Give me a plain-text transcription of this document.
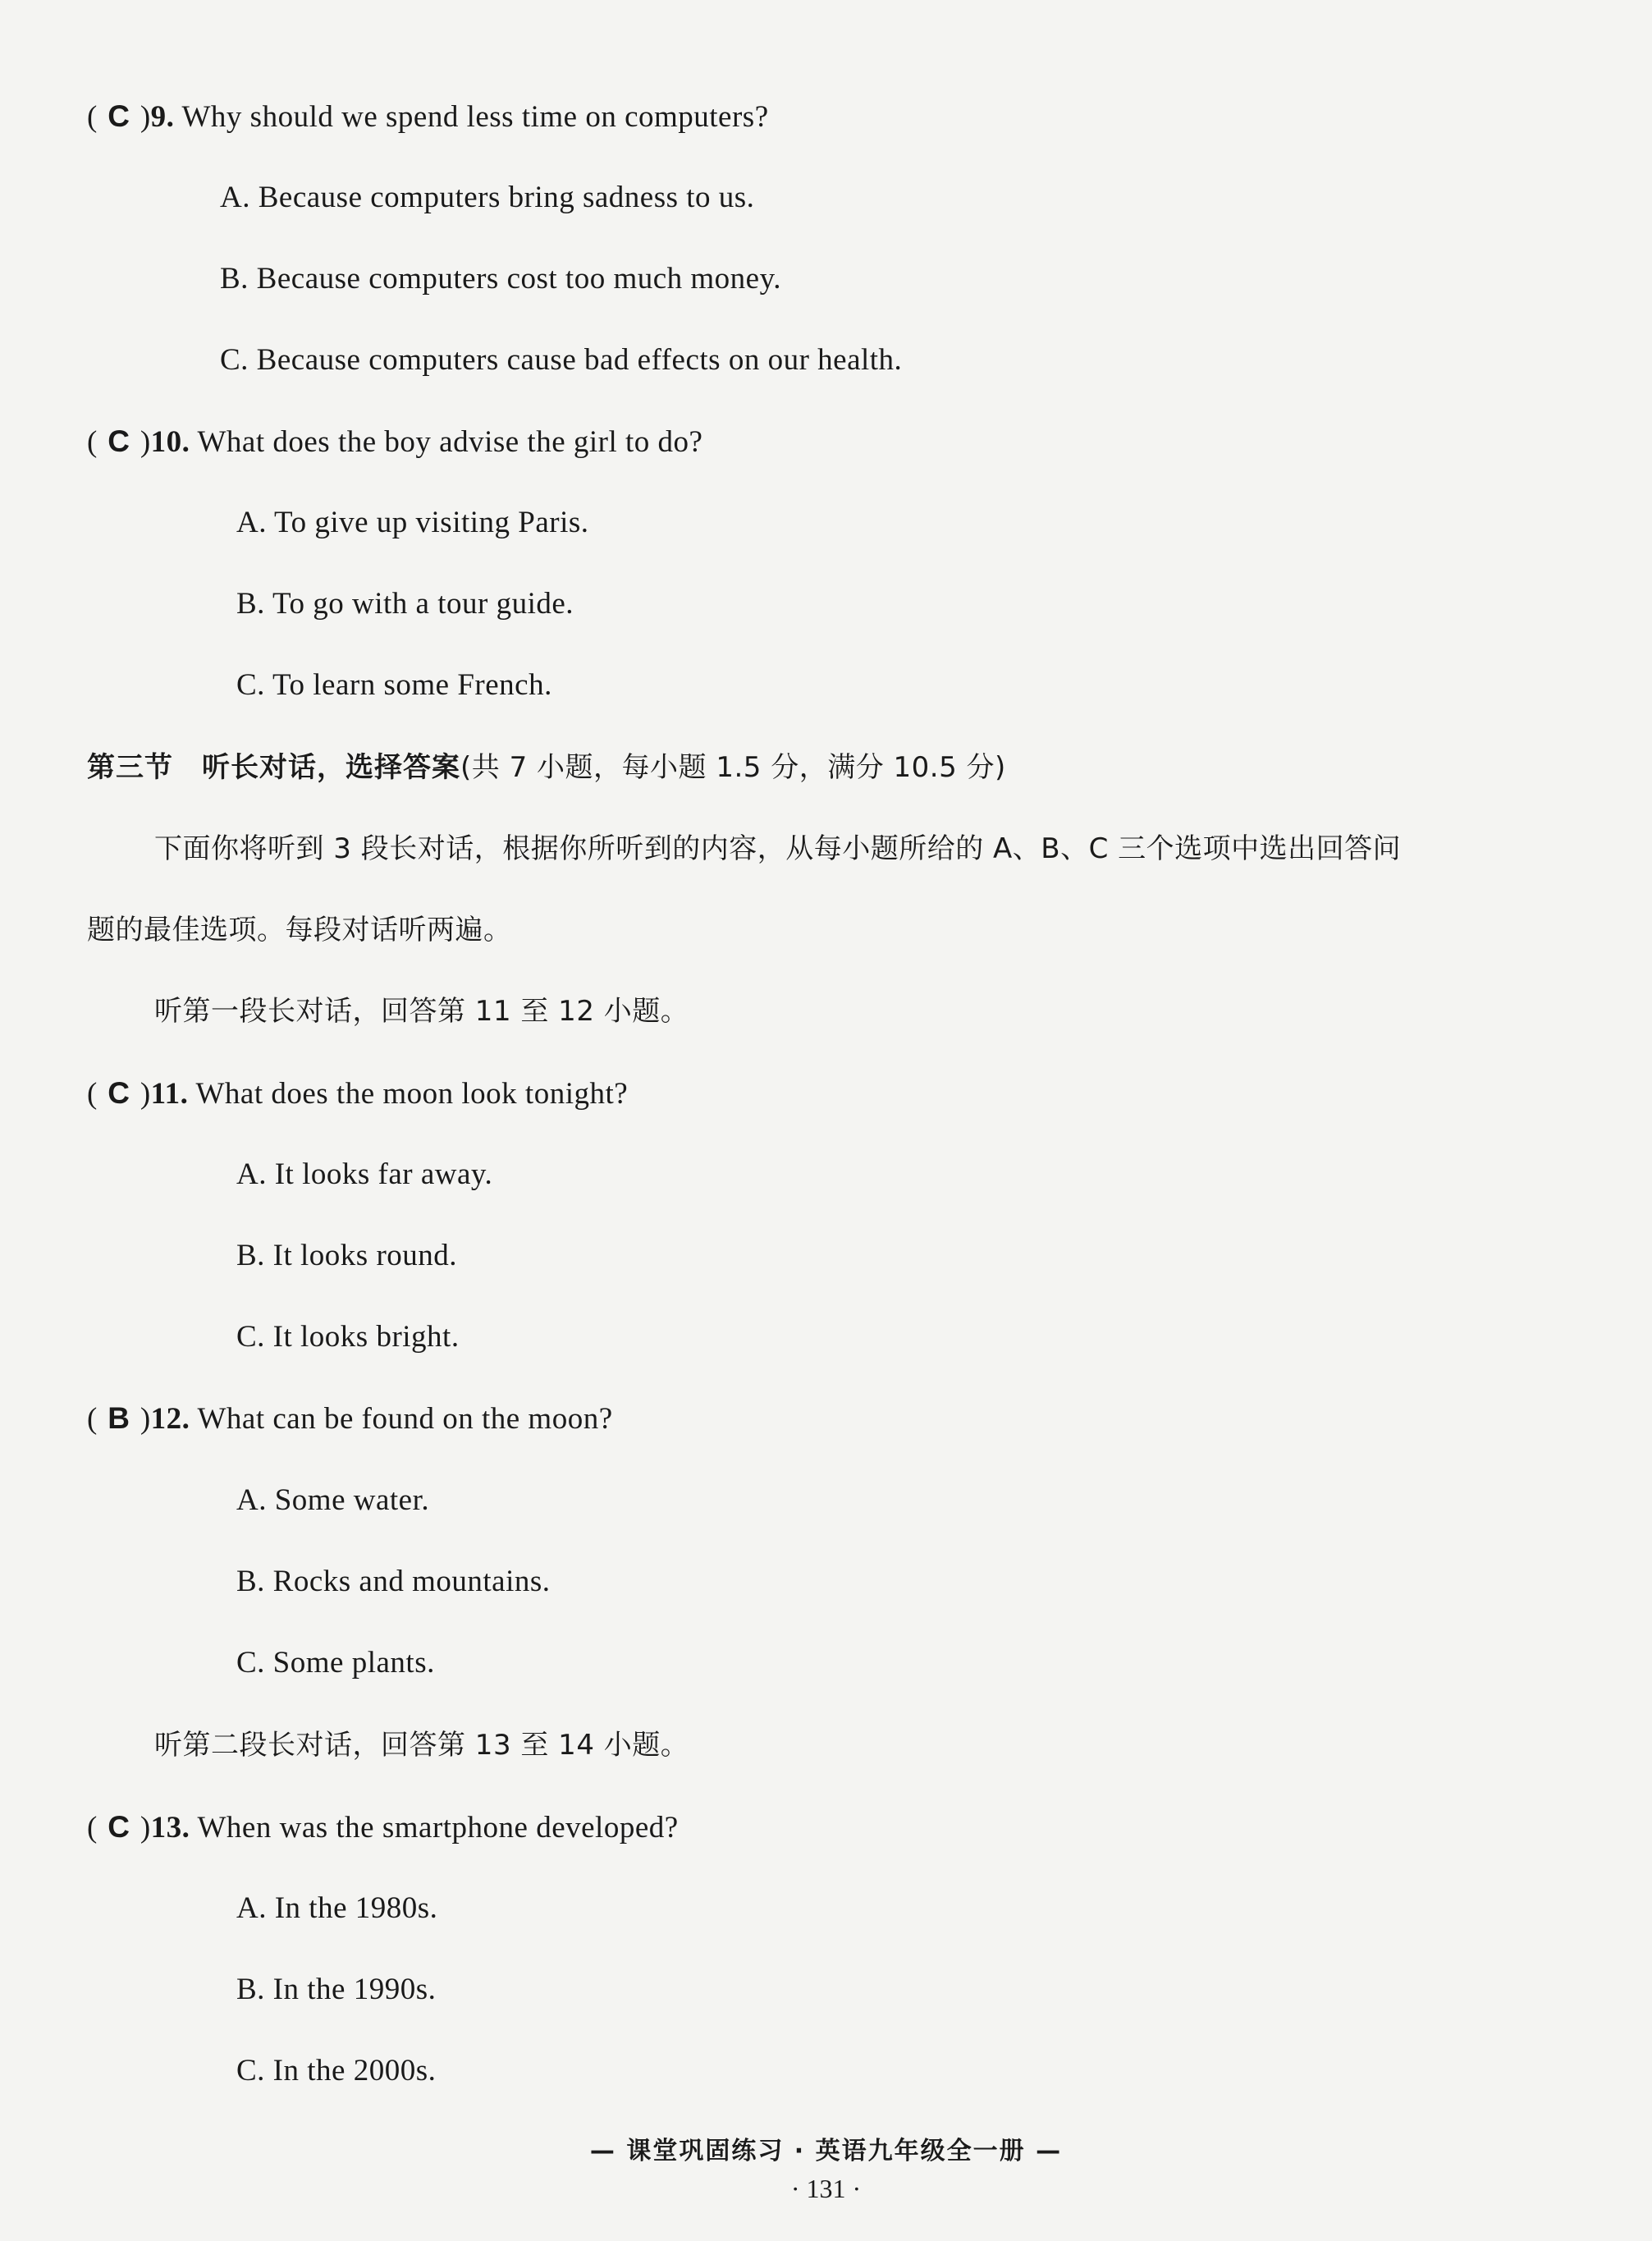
( C )9. Why should we spend less time on computers?
A. Because computers bring sadness to us.
B. Because computers cost too much money.
C. Because computers cause bad effects on our health.
( C )10. What does the boy advise the girl to do?
A. To give up visiting Paris.
B. To go with a tour guide.
C. To learn some French.
第三节　听长对话，选择答案(共 7 小题，每小题 1.5 分，满分 10.5 分)
下面你将听到 3 段长对话，根据你所听到的内容，从每小题所给的 A、B、C 三个选项中选出回答问
题的最佳选项。每段对话听两遍。
听第一段长对话，回答第 11 至 12 小题。
( C )11. What does the moon look tonight?
A. It looks far away.
B. It looks round.
C. It looks bright.
( B )12. What can be found on the moon?
A. Some water.
B. Rocks and mountains.
C. Some plants.
听第二段长对话，回答第 13 至 14 小题。
( C )13. When was the smartphone developed?
A. In the 1980s.
B. In the 1990s.
C. In the 2000s.
— 课堂巩固练习 · 英语九年级全一册 —
· 131 ·
